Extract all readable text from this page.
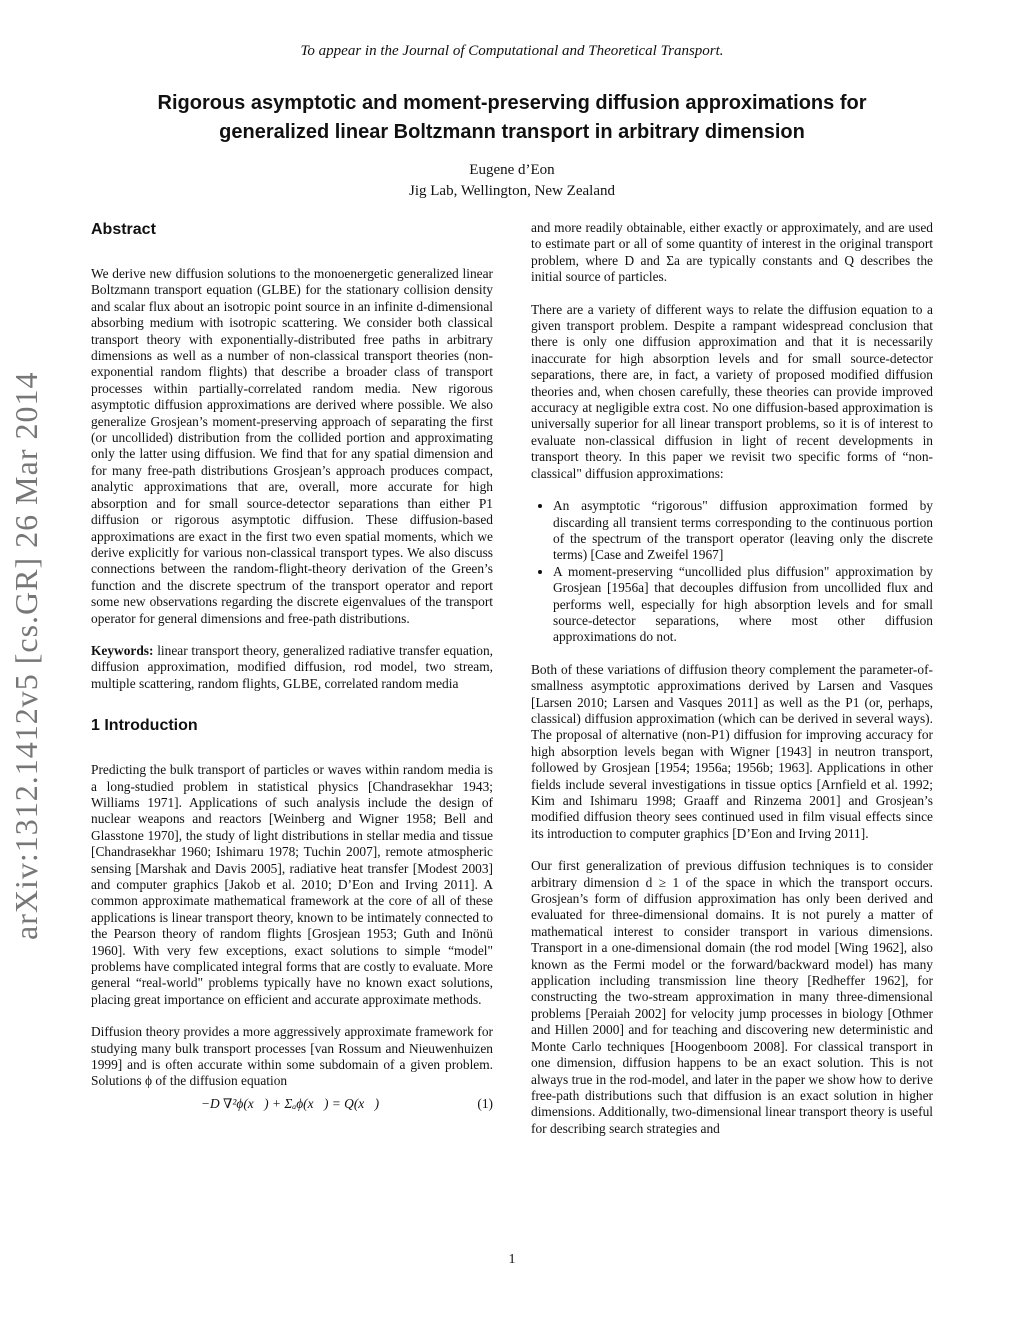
To appear in the Journal of Computational and Theoretical Transport.
Rigorous asymptotic and moment-preserving diffusion approximations for
generalized linear Boltzmann transport in arbitrary dimension
Eugene d’Eon
Jig Lab, Wellington, New Zealand
arXiv:1312.1412v5 [cs.GR] 26 Mar 2014
Abstract

We derive new diffusion solutions to the monoenergetic generalized linear Boltzmann transport equation (GLBE) for the stationary collision density and scalar flux about an isotropic point source in an infinite d-dimensional absorbing medium with isotropic scattering. We consider both classical transport theory with exponentially-distributed free paths in arbitrary dimensions as well as a number of non-classical transport theories (non-exponential random flights) that describe a broader class of transport processes within partially-correlated random media. New rigorous asymptotic diffusion approximations are derived where possible. We also generalize Grosjean’s moment-preserving approach of separating the first (or uncollided) distribution from the collided portion and approximating only the latter using diffusion. We find that for any spatial dimension and for many free-path distributions Grosjean’s approach produces compact, analytic approximations that are, overall, more accurate for high absorption and for small source-detector separations than either P1 diffusion or rigorous asymptotic diffusion. These diffusion-based approximations are exact in the first two even spatial moments, which we derive explicitly for various non-classical transport types. We also discuss connections between the random-flight-theory derivation of the Green’s function and the discrete spectrum of the transport operator and report some new observations regarding the discrete eigenvalues of the transport operator for general dimensions and free-path distributions.

Keywords: linear transport theory, generalized radiative transfer equation, diffusion approximation, modified diffusion, rod model, two stream, multiple scattering, random flights, GLBE, correlated random media

1 Introduction

Predicting the bulk transport of particles or waves within random media is a long-studied problem in statistical physics [Chandrasekhar 1943; Williams 1971]. Applications of such analysis include the design of nuclear weapons and reactors [Weinberg and Wigner 1958; Bell and Glasstone 1970], the study of light distributions in stellar media and tissue [Chandrasekhar 1960; Ishimaru 1978; Tuchin 2007], remote atmospheric sensing [Marshak and Davis 2005], radiative heat transfer [Modest 2003] and computer graphics [Jakob et al. 2010; D’Eon and Irving 2011]. A common approximate mathematical framework at the core of all of these applications is linear transport theory, known to be intimately connected to the Pearson theory of random flights [Grosjean 1953; Guth and Inönü 1960]. With very few exceptions, exact solutions to simple “model" problems have complicated integral forms that are costly to evaluate. More general “real-world" problems typically have no known exact solutions, placing great importance on efficient and accurate approximate methods.

Diffusion theory provides a more aggressively approximate framework for studying many bulk transport processes [van Rossum and Nieuwenhuizen 1999] and is often accurate within some subdomain of a given problem. Solutions ϕ of the diffusion equation

−D ∇²ϕ(x⃗) + Σₐϕ(x⃗) = Q(x⃗)	(1)

and more readily obtainable, either exactly or approximately, and are used to estimate part or all of some quantity of interest in the original transport problem, where D and Σa are typically constants and Q describes the initial source of particles.

There are a variety of different ways to relate the diffusion equation to a given transport problem. Despite a rampant widespread conclusion that there is only one diffusion approximation and that it is necessarily inaccurate for high absorption levels and for small source-detector separations, there are, in fact, a variety of proposed modified diffusion theories and, when chosen carefully, these theories can provide improved accuracy at negligible extra cost. No one diffusion-based approximation is universally superior for all linear transport problems, so it is of interest to evaluate non-classical diffusion in light of recent developments in transport theory. In this paper we revisit two specific forms of “non-classical" diffusion approximations:

• An asymptotic “rigorous" diffusion approximation formed by discarding all transient terms corresponding to the continuous portion of the spectrum of the transport operator (leaving only the discrete terms) [Case and Zweifel 1967]
• A moment-preserving “uncollided plus diffusion" approximation by Grosjean [1956a] that decouples diffusion from uncollided flux and performs well, especially for high absorption levels and for small source-detector separations, where most other diffusion approximations do not.

Both of these variations of diffusion theory complement the parameter-of-smallness asymptotic approximations derived by Larsen and Vasques [Larsen 2010; Larsen and Vasques 2011] as well as the P1 (or, perhaps, classical) diffusion approximation (which can be derived in several ways). The proposal of alternative (non-P1) diffusion for improving accuracy for high absorption levels began with Wigner [1943] in neutron transport, followed by Grosjean [1954; 1956a; 1956b; 1963]. Applications in other fields include several investigations in tissue optics [Arnfield et al. 1992; Kim and Ishimaru 1998; Graaff and Rinzema 2001] and Grosjean’s modified diffusion theory sees continued used in film visual effects since its introduction to computer graphics [D’Eon and Irving 2011].

Our first generalization of previous diffusion techniques is to consider arbitrary dimension d ≥ 1 of the space in which the transport occurs. Grosjean’s form of diffusion approximation has only been derived and evaluated for three-dimensional domains. It is not purely a matter of mathematical interest to consider transport in various dimensions. Transport in a one-dimensional domain (the rod model [Wing 1962], also known as the Fermi model or the forward/backward model) has many application including transmission line theory [Redheffer 1962], for constructing the two-stream approximation in many three-dimensional problems [Peraiah 2002] for velocity jump processes in biology [Othmer and Hillen 2000] and for teaching and discovering new deterministic and Monte Carlo techniques [Hoogenboom 2008]. For classical transport in one dimension, diffusion happens to be an exact solution. This is not always true in the rod-model, and later in the paper we show how to derive free-path distributions such that diffusion is an exact solution in higher dimensions. Additionally, two-dimensional linear transport theory is useful for describing search strategies and

1
